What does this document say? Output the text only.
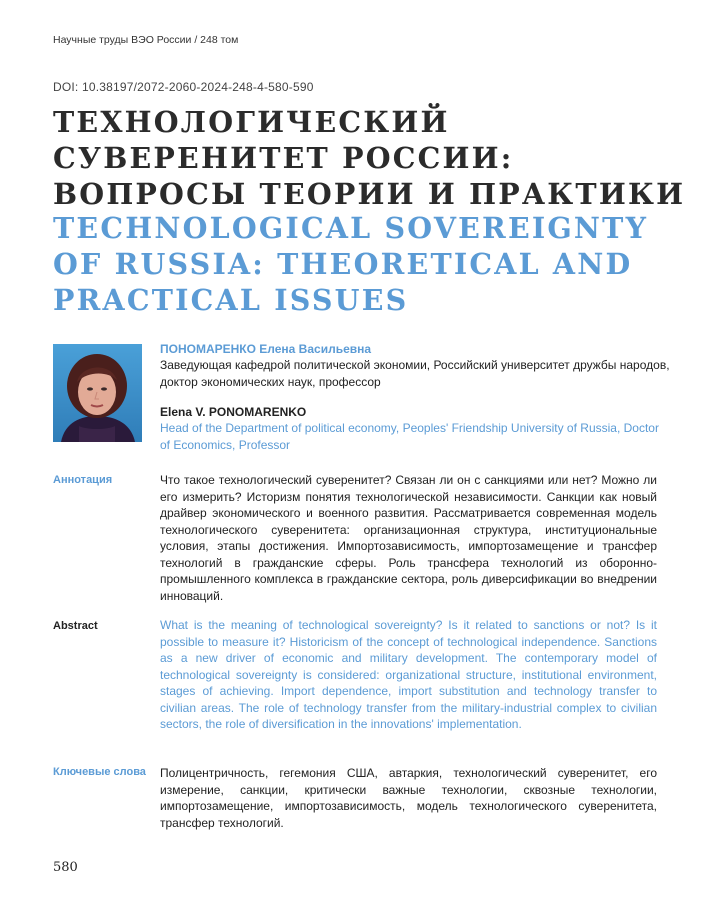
Научные труды ВЭО России / 248 том
DOI: 10.38197/2072-2060-2024-248-4-580-590
ТЕХНОЛОГИЧЕСКИЙ
СУВЕРЕНИТЕТ РОССИИ:
ВОПРОСЫ ТЕОРИИ И ПРАКТИКИ
TECHNOLOGICAL SOVEREIGNTY
OF RUSSIA: THEORETICAL AND
PRACTICAL ISSUES
ПОНОМАРЕНКО Елена Васильевна
Заведующая кафедрой политической экономии, Российский университет дружбы народов, доктор экономических наук, профессор
Elena V. PONOMARENKO
Head of the Department of political economy, Peoples' Friendship University of Russia, Doctor of Economics, Professor
Аннотация	Что такое технологический суверенитет? Связан ли он с санкциями или нет? Можно ли его измерить? Историзм понятия технологической независимости. Санкции как новый драйвер экономического и военного развития. Рассматривается современная модель технологического суверенитета: организационная структура, институциональные условия, этапы достижения. Импортозависимость, импортозамещение и трансфер технологий в гражданские сферы. Роль трансфера технологий из оборонно-промышленного комплекса в гражданские сектора, роль диверсификации во внедрении инноваций.

Abstract	What is the meaning of technological sovereignty? Is it related to sanctions or not? Is it possible to measure it? Historicism of the concept of technological independence. Sanctions as a new driver of economic and military development. The contemporary model of technological sovereignty is considered: organizational structure, institutional environment, stages of achieving. Import dependence, import substitution and technology transfer to civilian areas. The role of technology transfer from the military-industrial complex to civilian sectors, the role of diversification in the innovations' implementation.

Ключевые слова Полицентричность, гегемония США, автаркия, технологический суверенитет, его измерение, санкции, критически важные технологии, сквозные технологии, импортозамещение, импортозависимость, модель технологического суверенитета, трансфер технологий.

580
